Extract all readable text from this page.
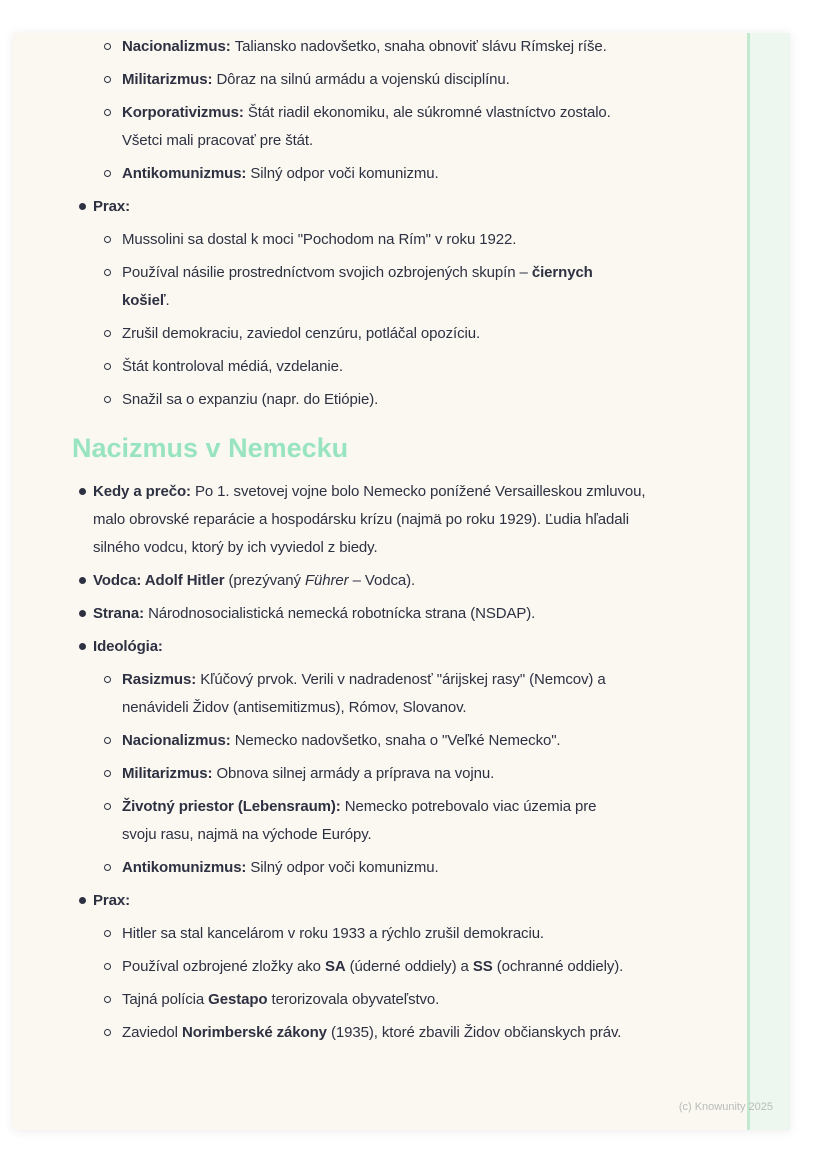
Nacionalizmus: Taliansko nadovšetko, snaha obnoviť slávu Rímskej ríše.
Militarizmus: Dôraz na silnú armádu a vojenskú disciplínu.
Korporativizmus: Štát riadil ekonomiku, ale súkromné vlastníctvo zostalo. Všetci mali pracovať pre štát.
Antikomunizmus: Silný odpor voči komunizmu.
Prax:
Mussolini sa dostal k moci "Pochodom na Rím" v roku 1922.
Používal násilie prostredníctvom svojich ozbrojených skupín – čiernych košieľ.
Zrušil demokraciu, zaviedol cenzúru, potláčal opozíciu.
Štát kontroloval médiá, vzdelanie.
Snažil sa o expanziu (napr. do Etiópie).
Nacizmus v Nemecku
Kedy a prečo: Po 1. svetovej vojne bolo Nemecko ponížené Versailleskou zmluvou, malo obrovské reparácie a hospodársku krízu (najmä po roku 1929). Ľudia hľadali silného vodcu, ktorý by ich vyviedol z biedy.
Vodca: Adolf Hitler (prezývaný Führer – Vodca).
Strana: Národnosocialistická nemecká robotnícka strana (NSDAP).
Ideológia:
Rasizmus: Kľúčový prvok. Verili v nadradenosť "árijskej rasy" (Nemcov) a nenávideli Židov (antisemitizmus), Rómov, Slovanov.
Nacionalizmus: Nemecko nadovšetko, snaha o "Veľké Nemecko".
Militarizmus: Obnova silnej armády a príprava na vojnu.
Životný priestor (Lebensraum): Nemecko potrebovalo viac územia pre svoju rasu, najmä na východe Európy.
Antikomunizmus: Silný odpor voči komunizmu.
Prax:
Hitler sa stal kancelárom v roku 1933 a rýchlo zrušil demokraciu.
Používal ozbrojené zložky ako SA (úderné oddiely) a SS (ochranné oddiely).
Tajná polícia Gestapo terorizovala obyvateľstvo.
Zaviedol Norimberské zákony (1935), ktoré zbavili Židov občianskych práv.
(c) Knowunity 2025
